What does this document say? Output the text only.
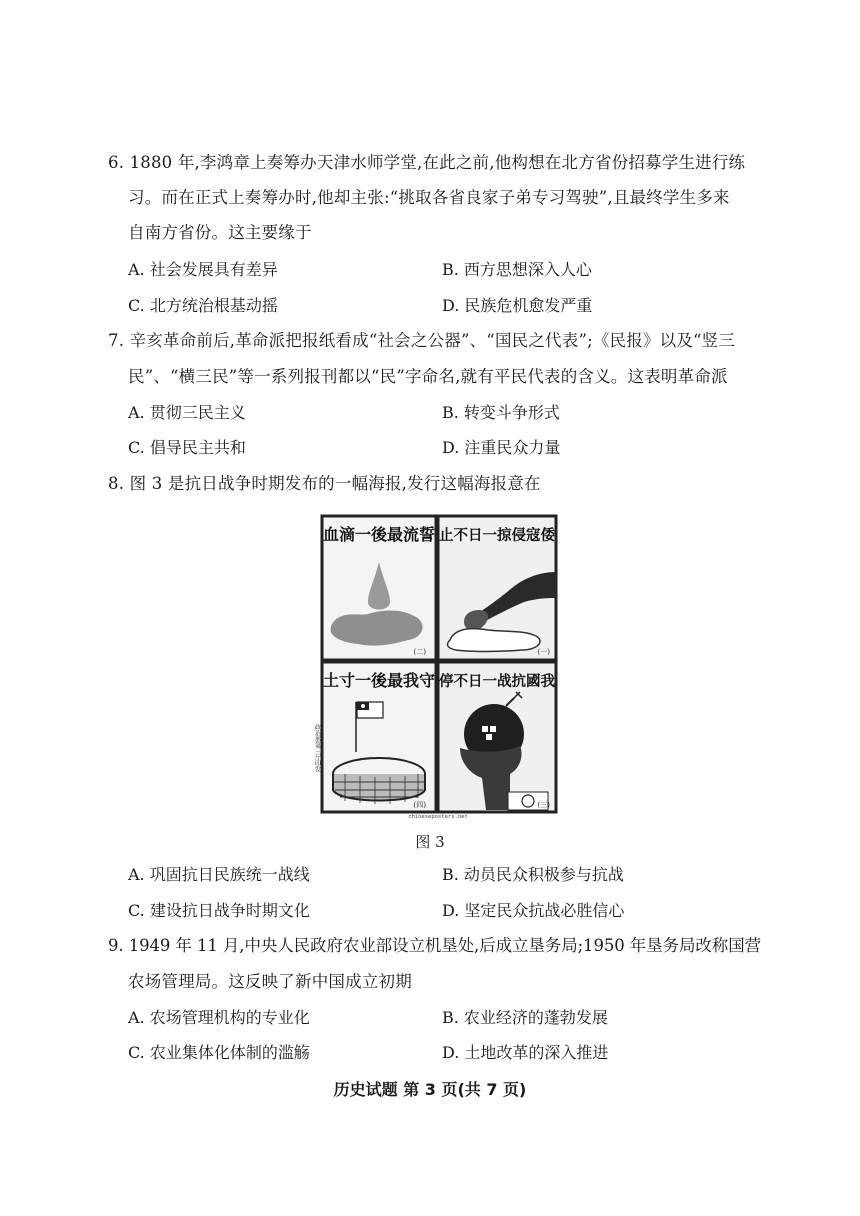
6. 1880 年,李鸿章上奏筹办天津水师学堂,在此之前,他构想在北方省份招募学生进行练
习。而在正式上奏筹办时,他却主张:“挑取各省良家子弟专习驾驶”,且最终学生多来
自南方省份。这主要缘于
A. 社会发展具有差异	B. 西方思想深入人心
C. 北方统治根基动摇	D. 民族危机愈发严重
7. 辛亥革命前后,革命派把报纸看成“社会之公器”、“国民之代表”;《民报》以及“竖三
民”、“横三民”等一系列报刊都以“民”字命名,就有平民代表的含义。这表明革命派
A. 贯彻三民主义	B. 转变斗争形式
C. 倡导民主共和	D. 注重民众力量
8. 图 3 是抗日战争时期发布的一幅海报,发行这幅海报意在
血滴一後最流誓 止不日一掠侵寇倭
土寸一後最我守 停不日一战抗國我
(二)	(一)
(四)
政治部第三厅印发
(三)
chineseposters.net
图 3
A. 巩固抗日民族统一战线	B. 动员民众积极参与抗战
C. 建设抗日战争时期文化	D. 坚定民众抗战必胜信心
9. 1949 年 11 月,中央人民政府农业部设立机垦处,后成立垦务局;1950 年垦务局改称国营
农场管理局。这反映了新中国成立初期
A. 农场管理机构的专业化	B. 农业经济的蓬勃发展
C. 农业集体化体制的滥觞	D. 土地改革的深入推进
历史试题 第 3 页(共 7 页)
